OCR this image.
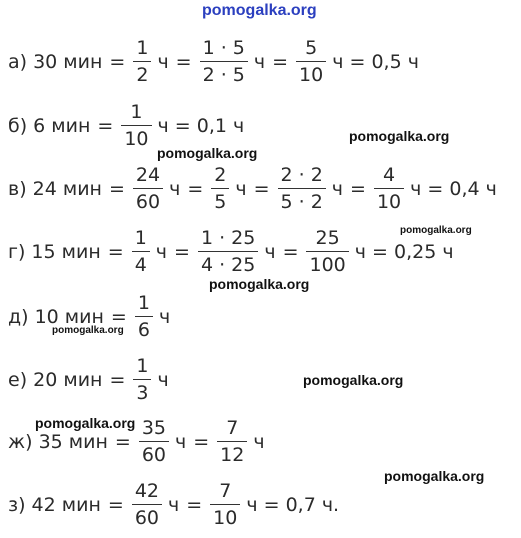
pomogalka.org
pomogalka.org
pomogalka.org
pomogalka.org
pomogalka.org
pomogalka.org
pomogalka.org
pomogalka.org
pomogalka.org
а) 30 мин = $\frac{1}{2}$ $ч = \frac{1 \cdot 5}{2 \cdot 5}$ $ч = \frac{5}{10}$ ч = 0,5 ч
б) 6 мин = $\frac{1}{10}$ ч = 0,1 ч
в) 24 мин = $\frac{24}{60}$ $ч = \frac{2}{5}$ $ч = \frac{2 \cdot 2}{5 \cdot 2}$ $ч = \frac{4}{10}$ ч = 0,4 ч
г) 15 мин = $\frac{1}{4}$ $ч = \frac{1 \cdot 25}{4 \cdot 25}$ $ч = \frac{25}{100}$ ч = 0,25 ч
д) 10 мин = $\frac{1}{6}$ ч
е) 20 мин = $\frac{1}{3}$ ч
ж) 35 мин = $\frac{35}{60}$ $ч = \frac{7}{12}$ ч
з) 42 мин = $\frac{42}{60}$ $ч = \frac{7}{10}$ ч = 0,7 ч.
